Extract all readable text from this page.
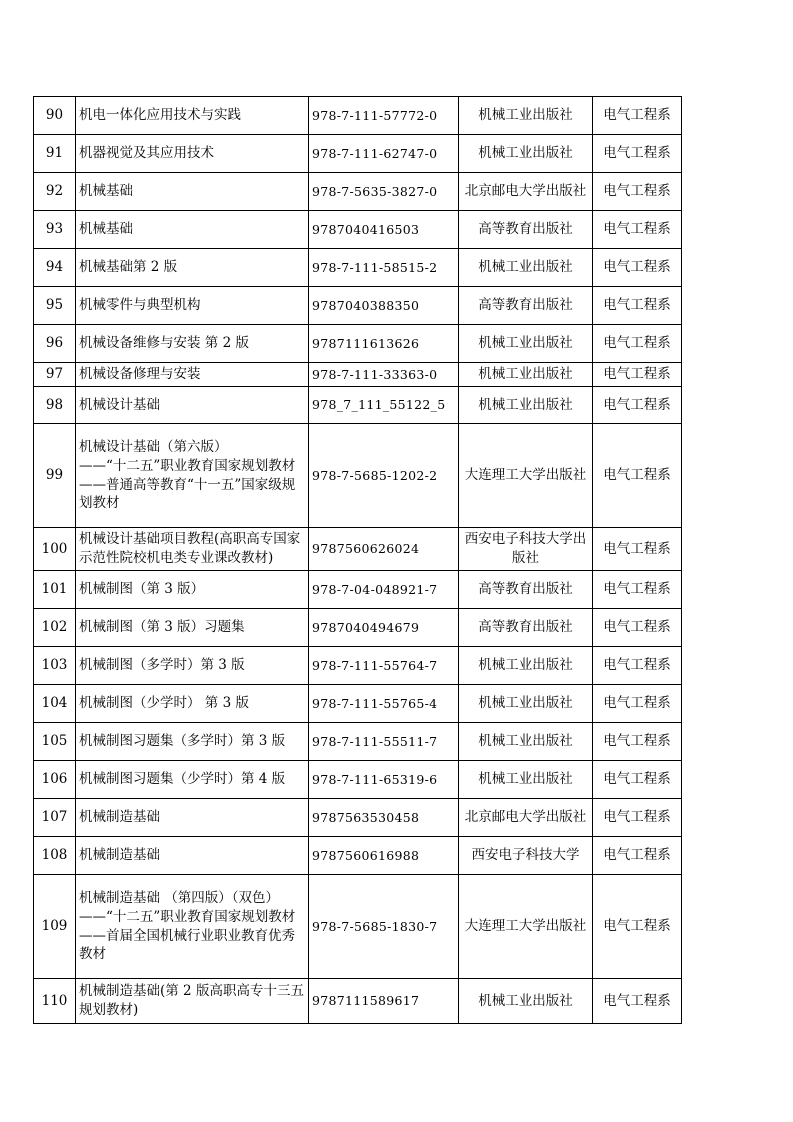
90	机电一体化应用技术与实践	978-7-111-57772-0	机械工业出版社	电气工程系
91	机器视觉及其应用技术	978-7-111-62747-0	机械工业出版社	电气工程系
92	机械基础	978-7-5635-3827-0	北京邮电大学出版社	电气工程系
93	机械基础	9787040416503	高等教育出版社	电气工程系
94	机械基础第 2 版	978-7-111-58515-2	机械工业出版社	电气工程系
95	机械零件与典型机构	9787040388350	高等教育出版社	电气工程系
96	机械设备维修与安装 第 2 版	9787111613626	机械工业出版社	电气工程系
97	机械设备修理与安装	978-7-111-33363-0	机械工业出版社	电气工程系
98	机械设计基础	978_7_111_55122_5	机械工业出版社	电气工程系
99	机械设计基础（第六版）
——“十二五”职业教育国家规划教材
——普通高等教育“十一五”国家级规划教材	978-7-5685-1202-2	大连理工大学出版社	电气工程系
100	机械设计基础项目教程(高职高专国家示范性院校机电类专业课改教材)	9787560626024	西安电子科技大学出版社	电气工程系
101	机械制图（第 3 版）	978-7-04-048921-7	高等教育出版社	电气工程系
102	机械制图（第 3 版）习题集	9787040494679	高等教育出版社	电气工程系
103	机械制图（多学时）第 3 版	978-7-111-55764-7	机械工业出版社	电气工程系
104	机械制图（少学时） 第 3 版	978-7-111-55765-4	机械工业出版社	电气工程系
105	机械制图习题集（多学时）第 3 版	978-7-111-55511-7	机械工业出版社	电气工程系
106	机械制图习题集（少学时）第 4 版	978-7-111-65319-6	机械工业出版社	电气工程系
107	机械制造基础	9787563530458	北京邮电大学出版社	电气工程系
108	机械制造基础	9787560616988	西安电子科技大学	电气工程系
109	机械制造基础 （第四版）（双色）
——“十二五”职业教育国家规划教材
——首届全国机械行业职业教育优秀教材	978-7-5685-1830-7	大连理工大学出版社	电气工程系
110	机械制造基础(第 2 版高职高专十三五规划教材)	9787111589617	机械工业出版社	电气工程系
